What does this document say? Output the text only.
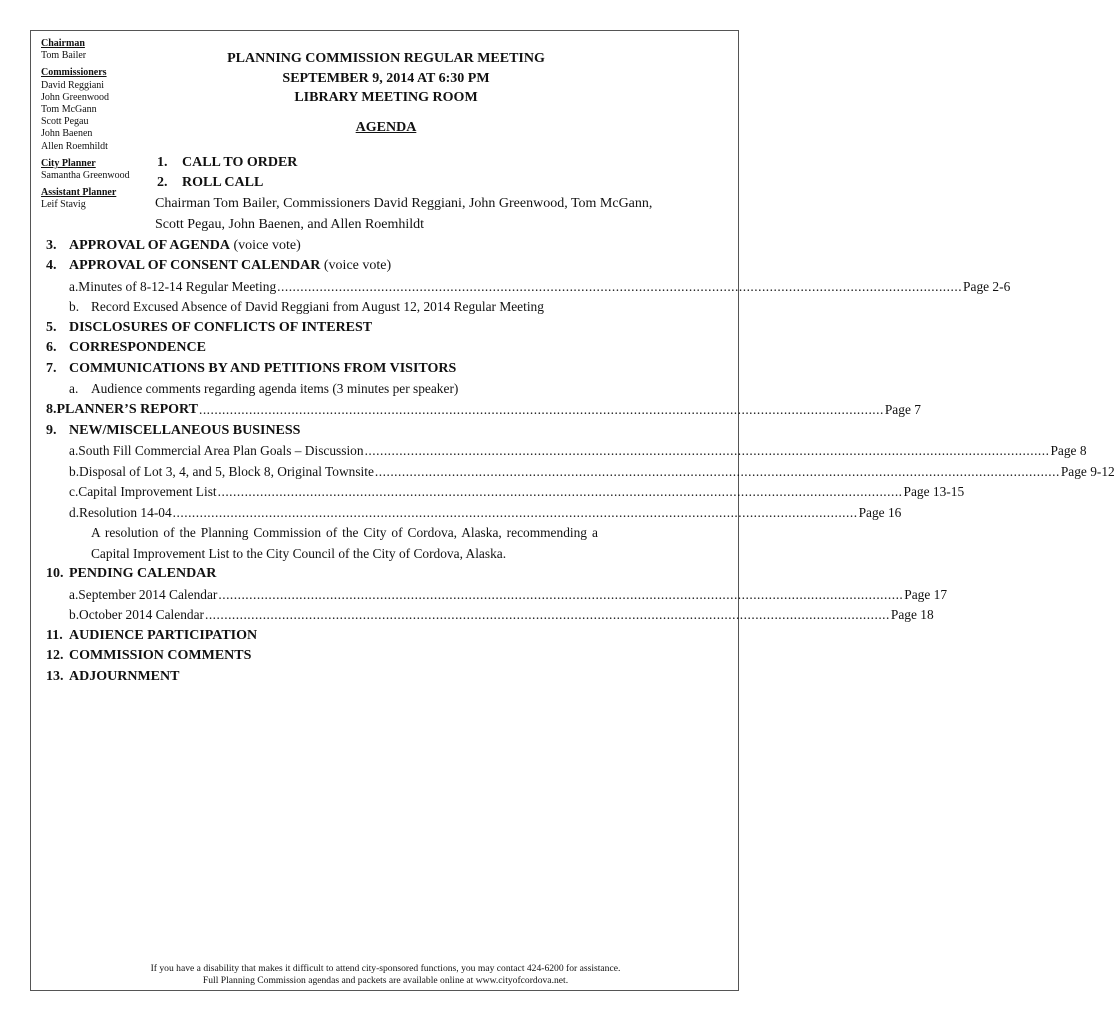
Chairman
Tom Bailer
Commissioners
David Reggiani
John Greenwood
Tom McGann
Scott Pegau
John Baenen
Allen Roemhildt
City Planner
Samantha Greenwood
Assistant Planner
Leif Stavig
PLANNING COMMISSION REGULAR MEETING
SEPTEMBER 9, 2014 AT 6:30 PM
LIBRARY MEETING ROOM
AGENDA
1. CALL TO ORDER
2. ROLL CALL
Chairman Tom Bailer, Commissioners David Reggiani, John Greenwood, Tom McGann,
Scott Pegau, John Baenen, and Allen Roemhildt
3. APPROVAL OF AGENDA (voice vote)
4. APPROVAL OF CONSENT CALENDAR (voice vote)
a. Minutes of 8-12-14 Regular Meeting .................................................................................................................................................................................. Page 2-6
b. Record Excused Absence of David Reggiani from August 12, 2014 Regular Meeting
5. DISCLOSURES OF CONFLICTS OF INTEREST
6. CORRESPONDENCE
7. COMMUNICATIONS BY AND PETITIONS FROM VISITORS
a. Audience comments regarding agenda items (3 minutes per speaker)
8. PLANNER’S REPORT .................................................................................................................................................................................. Page 7
9. NEW/MISCELLANEOUS BUSINESS
a. South Fill Commercial Area Plan Goals – Discussion .................................................................................................................................................................................. Page 8
b. Disposal of Lot 3, 4, and 5, Block 8, Original Townsite .................................................................................................................................................................................. Page 9-12
c. Capital Improvement List .................................................................................................................................................................................. Page 13-15
d. Resolution 14-04 .................................................................................................................................................................................. Page 16
A resolution of the Planning Commission of the City of Cordova, Alaska, recommending a
Capital Improvement List to the City Council of the City of Cordova, Alaska.
10. PENDING CALENDAR
a. September 2014 Calendar .................................................................................................................................................................................. Page 17
b. October 2014 Calendar .................................................................................................................................................................................. Page 18
11. AUDIENCE PARTICIPATION
12. COMMISSION COMMENTS
13. ADJOURNMENT
If you have a disability that makes it difficult to attend city-sponsored functions, you may contact 424-6200 for assistance.
Full Planning Commission agendas and packets are available online at www.cityofcordova.net.
